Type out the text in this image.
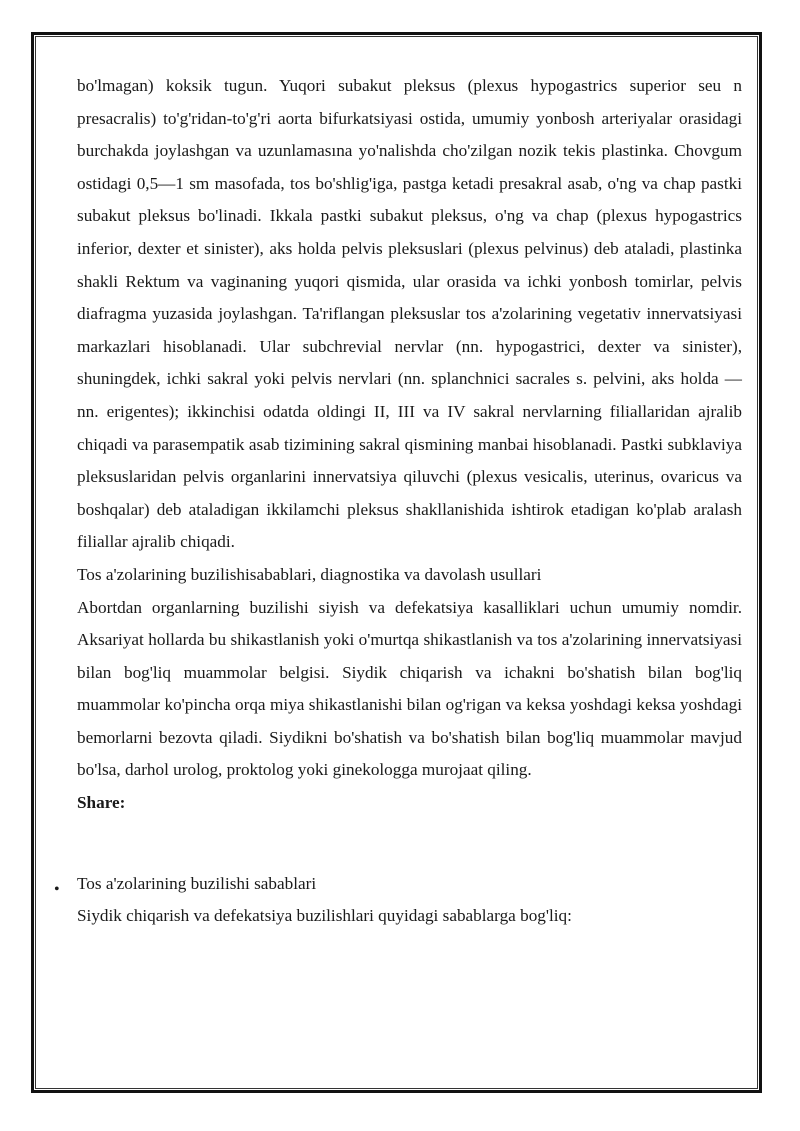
bo'lmagan) koksik tugun. Yuqori subakut pleksus (plexus hypogastrics superior seu n presacralis) to'g'ridan-to'g'ri aorta bifurkatsiyasi ostida, umumiy yonbosh arteriyalar orasidagi burchakda joylashgan va uzunlamasına yo'nalishda cho'zilgan nozik tekis plastinka. Chovgum ostidagi 0,5—1 sm masofada, tos bo'shlig'iga, pastga ketadi presakral asab, o'ng va chap pastki subakut pleksus bo'linadi. Ikkala pastki subakut pleksus, o'ng va chap (plexus hypogastrics inferior, dexter et sinister), aks holda pelvis pleksuslari (plexus pelvinus) deb ataladi, plastinka shakli Rektum va vaginaning yuqori qismida, ular orasida va ichki yonbosh tomirlar, pelvis diafragma yuzasida joylashgan. Ta'riflangan pleksuslar tos a'zolarining vegetativ innervatsiyasi markazlari hisoblanadi. Ular subchrevial nervlar (nn. hypogastrici, dexter va sinister), shuningdek, ichki sakral yoki pelvis nervlari (nn. splanchnici sacrales s. pelvini, aks holda — nn. erigentes); ikkinchisi odatda oldingi II, III va IV sakral nervlarning filiallaridan ajralib chiqadi va parasempatik asab tizimining sakral qismining manbai hisoblanadi. Pastki subklaviya pleksuslaridan pelvis organlarini innervatsiya qiluvchi (plexus vesicalis, uterinus, ovaricus va boshqalar) deb ataladigan ikkilamchi pleksus shakllanishida ishtirok etadigan ko'plab aralash filiallar ajralib chiqadi.

Tos a'zolarining buzilishisabablari, diagnostika va davolash usullari

Abortdan organlarning buzilishi siyish va defekatsiya kasalliklari uchun umumiy nomdir. Aksariyat hollarda bu shikastlanish yoki o'murtqa shikastlanish va tos a'zolarining innervatsiyasi bilan bog'liq muammolar belgisi. Siydik chiqarish va ichakni bo'shatish bilan bog'liq muammolar ko'pincha orqa miya shikastlanishi bilan og'rigan va keksa yoshdagi keksa yoshdagi bemorlarni bezovta qiladi. Siydikni bo'shatish va bo'shatish bilan bog'liq muammolar mavjud bo'lsa, darhol urolog, proktolog yoki ginekologga murojaat qiling.

Share:

Tos a'zolarining buzilishi sabablari

Siydik chiqarish va defekatsiya buzilishlari quyidagi sabablarga bog'liq:

•
